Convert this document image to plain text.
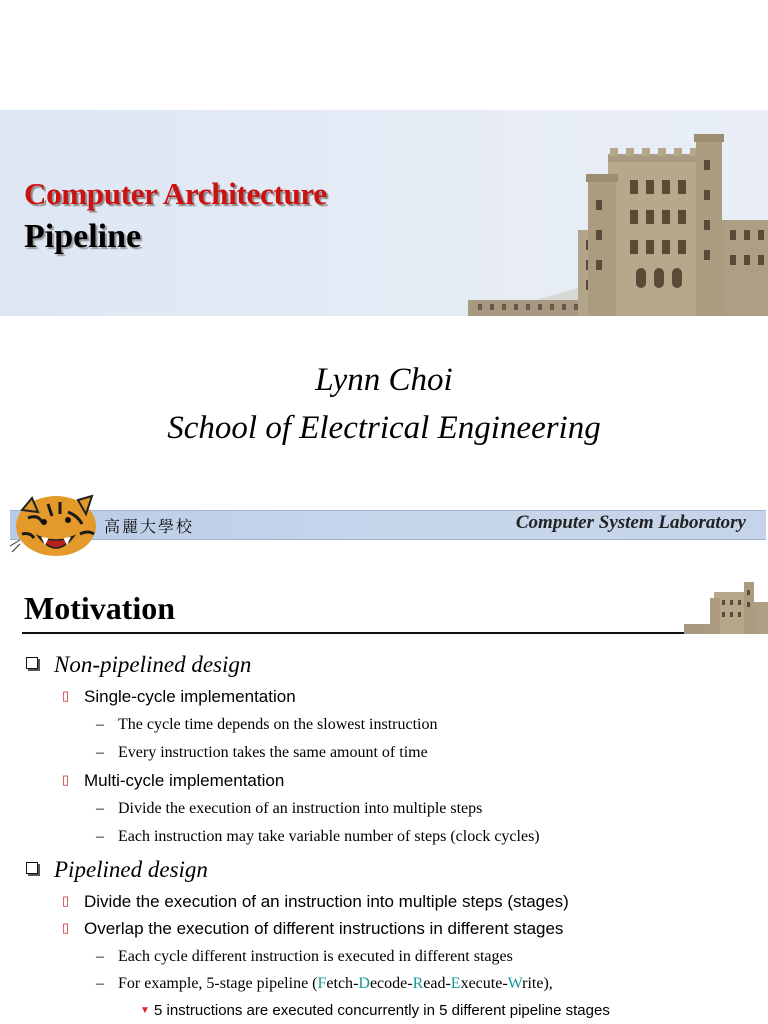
Computer Architecture
Pipeline

Lynn Choi

School of Electrical Engineering

高麗大學校	Computer System Laboratory
Motivation
Non-pipelined design
▯ Single-cycle implementation
– The cycle time depends on the slowest instruction
– Every instruction takes the same amount of time
▯ Multi-cycle implementation
– Divide the execution of an instruction into multiple steps
– Each instruction may take variable number of steps (clock cycles)
Pipelined design
▯ Divide the execution of an instruction into multiple steps (stages)
▯ Overlap the execution of different instructions in different stages
– Each cycle different instruction is executed in different stages
– For example, 5-stage pipeline (Fetch-Decode-Read-Execute-Write),
▼ 5 instructions are executed concurrently in 5 different pipeline stages
